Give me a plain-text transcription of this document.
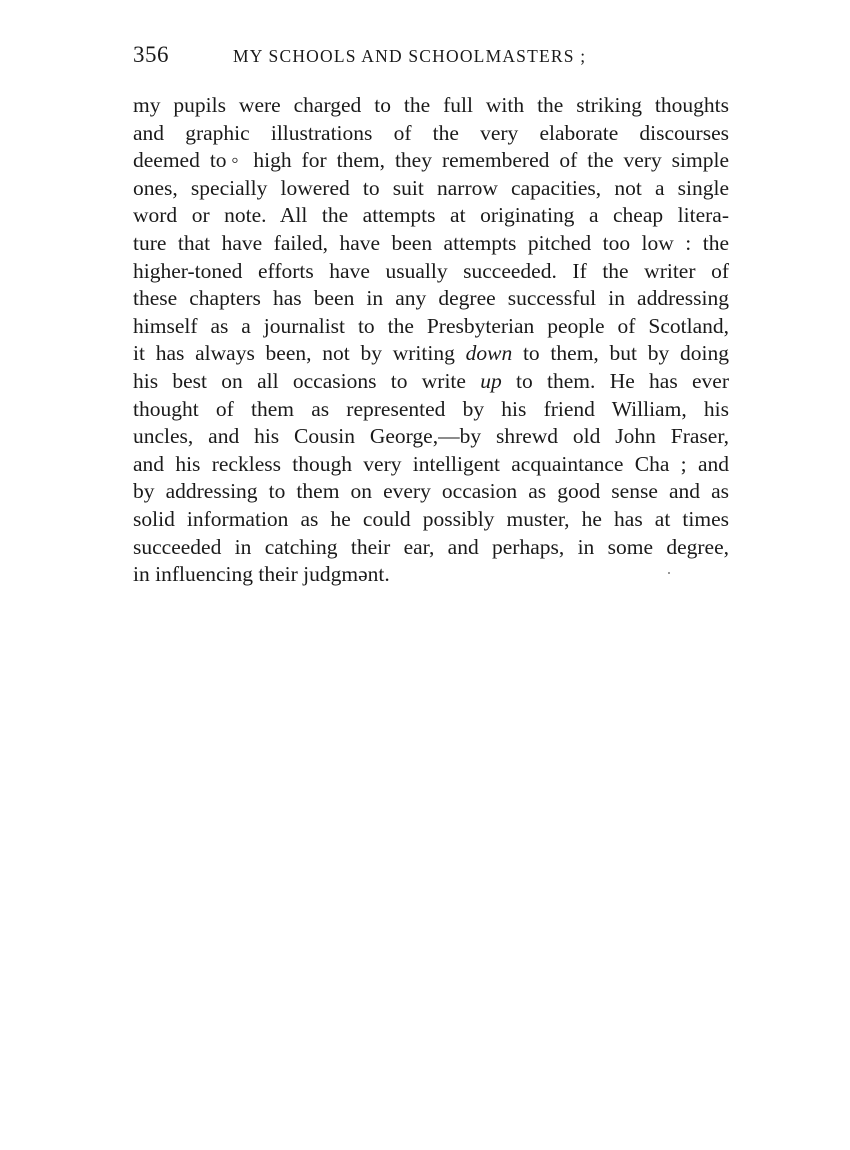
356	MY SCHOOLS AND SCHOOLMASTERS ;
my pupils were charged to the full with the striking thoughts
and graphic illustrations of the very elaborate discourses
deemed to◦ high for them, they remembered of the very simple
ones, specially lowered to suit narrow capacities, not a single
word or note. All the attempts at originating a cheap litera-
ture that have failed, have been attempts pitched too low : the
higher-toned efforts have usually succeeded. If the writer of
these chapters has been in any degree successful in addressing
himself as a journalist to the Presbyterian people of Scotland,
it has always been, not by writing down to them, but by doing
his best on all occasions to write up to them. He has ever
thought of them as represented by his friend William, his
uncles, and his Cousin George,—by shrewd old John Fraser,
and his reckless though very intelligent acquaintance Cha ; and
by addressing to them on every occasion as good sense and as
solid information as he could possibly muster, he has at times
succeeded in catching their ear, and perhaps, in some degree,
in influencing their judgmənt.
